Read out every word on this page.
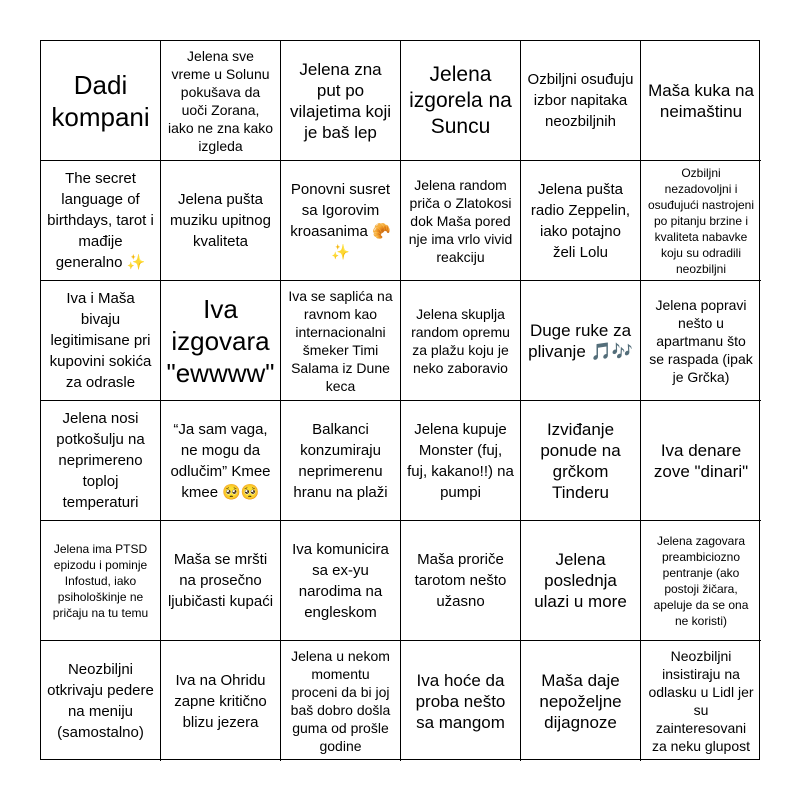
Dadi kompani
Jelena sve vreme u Solunu pokušava da uoči Zorana, iako ne zna kako izgleda
Jelena zna put po vilajetima koji je baš lep
Jelena izgorela na Suncu
Ozbiljni osuđuju izbor napitaka neozbiljnih
Maša kuka na neimaštinu
The secret language of birthdays, tarot i mađije generalno ✨
Jelena pušta muziku upitnog kvaliteta
Ponovni susret sa Igorovim kroasanima 🥐✨
Jelena random priča o Zlatokosi dok Maša pored nje ima vrlo vivid reakciju
Jelena pušta radio Zeppelin, iako potajno želi Lolu
Ozbiljni nezadovoljni i osuđujući nastrojeni po pitanju brzine i kvaliteta nabavke koju su odradili neozbiljni
Iva i Maša bivaju legitimisane pri kupovini sokića za odrasle
Iva izgovara "ewwww"
Iva se saplića na ravnom kao internacionalni šmeker Timi Salama iz Dune keca
Jelena skuplja random opremu za plažu koju je neko zaboravio
Duge ruke za plivanje 🎵🎶
Jelena popravi nešto u apartmanu što se raspada (ipak je Grčka)
Jelena nosi potkošulju na neprimereno toploj temperaturi
“Ja sam vaga, ne mogu da odlučim” Kmee kmee 🥺🥺
Balkanci konzumiraju neprimerenu hranu na plaži
Jelena kupuje Monster (fuj, fuj, kakano!!) na pumpi
Izviđanje ponude na grčkom Tinderu
Iva denare zove "dinari"
Jelena ima PTSD epizodu i pominje Infostud, iako psihološkinje ne pričaju na tu temu
Maša se mršti na prosečno ljubičasti kupaći
Iva komunicira sa ex-yu narodima na engleskom
Maša proriče tarotom nešto užasno
Jelena poslednja ulazi u more
Jelena zagovara preambiciozno pentranje (ako postoji žičara, apeluje da se ona ne koristi)
Neozbiljni otkrivaju pedere na meniju (samostalno)
Iva na Ohridu zapne kritično blizu jezera
Jelena u nekom momentu proceni da bi joj baš dobro došla guma od prošle godine
Iva hoće da proba nešto sa mangom
Maša daje nepoželjne dijagnoze
Neozbiljni insistiraju na odlasku u Lidl jer su zainteresovani za neku glupost
